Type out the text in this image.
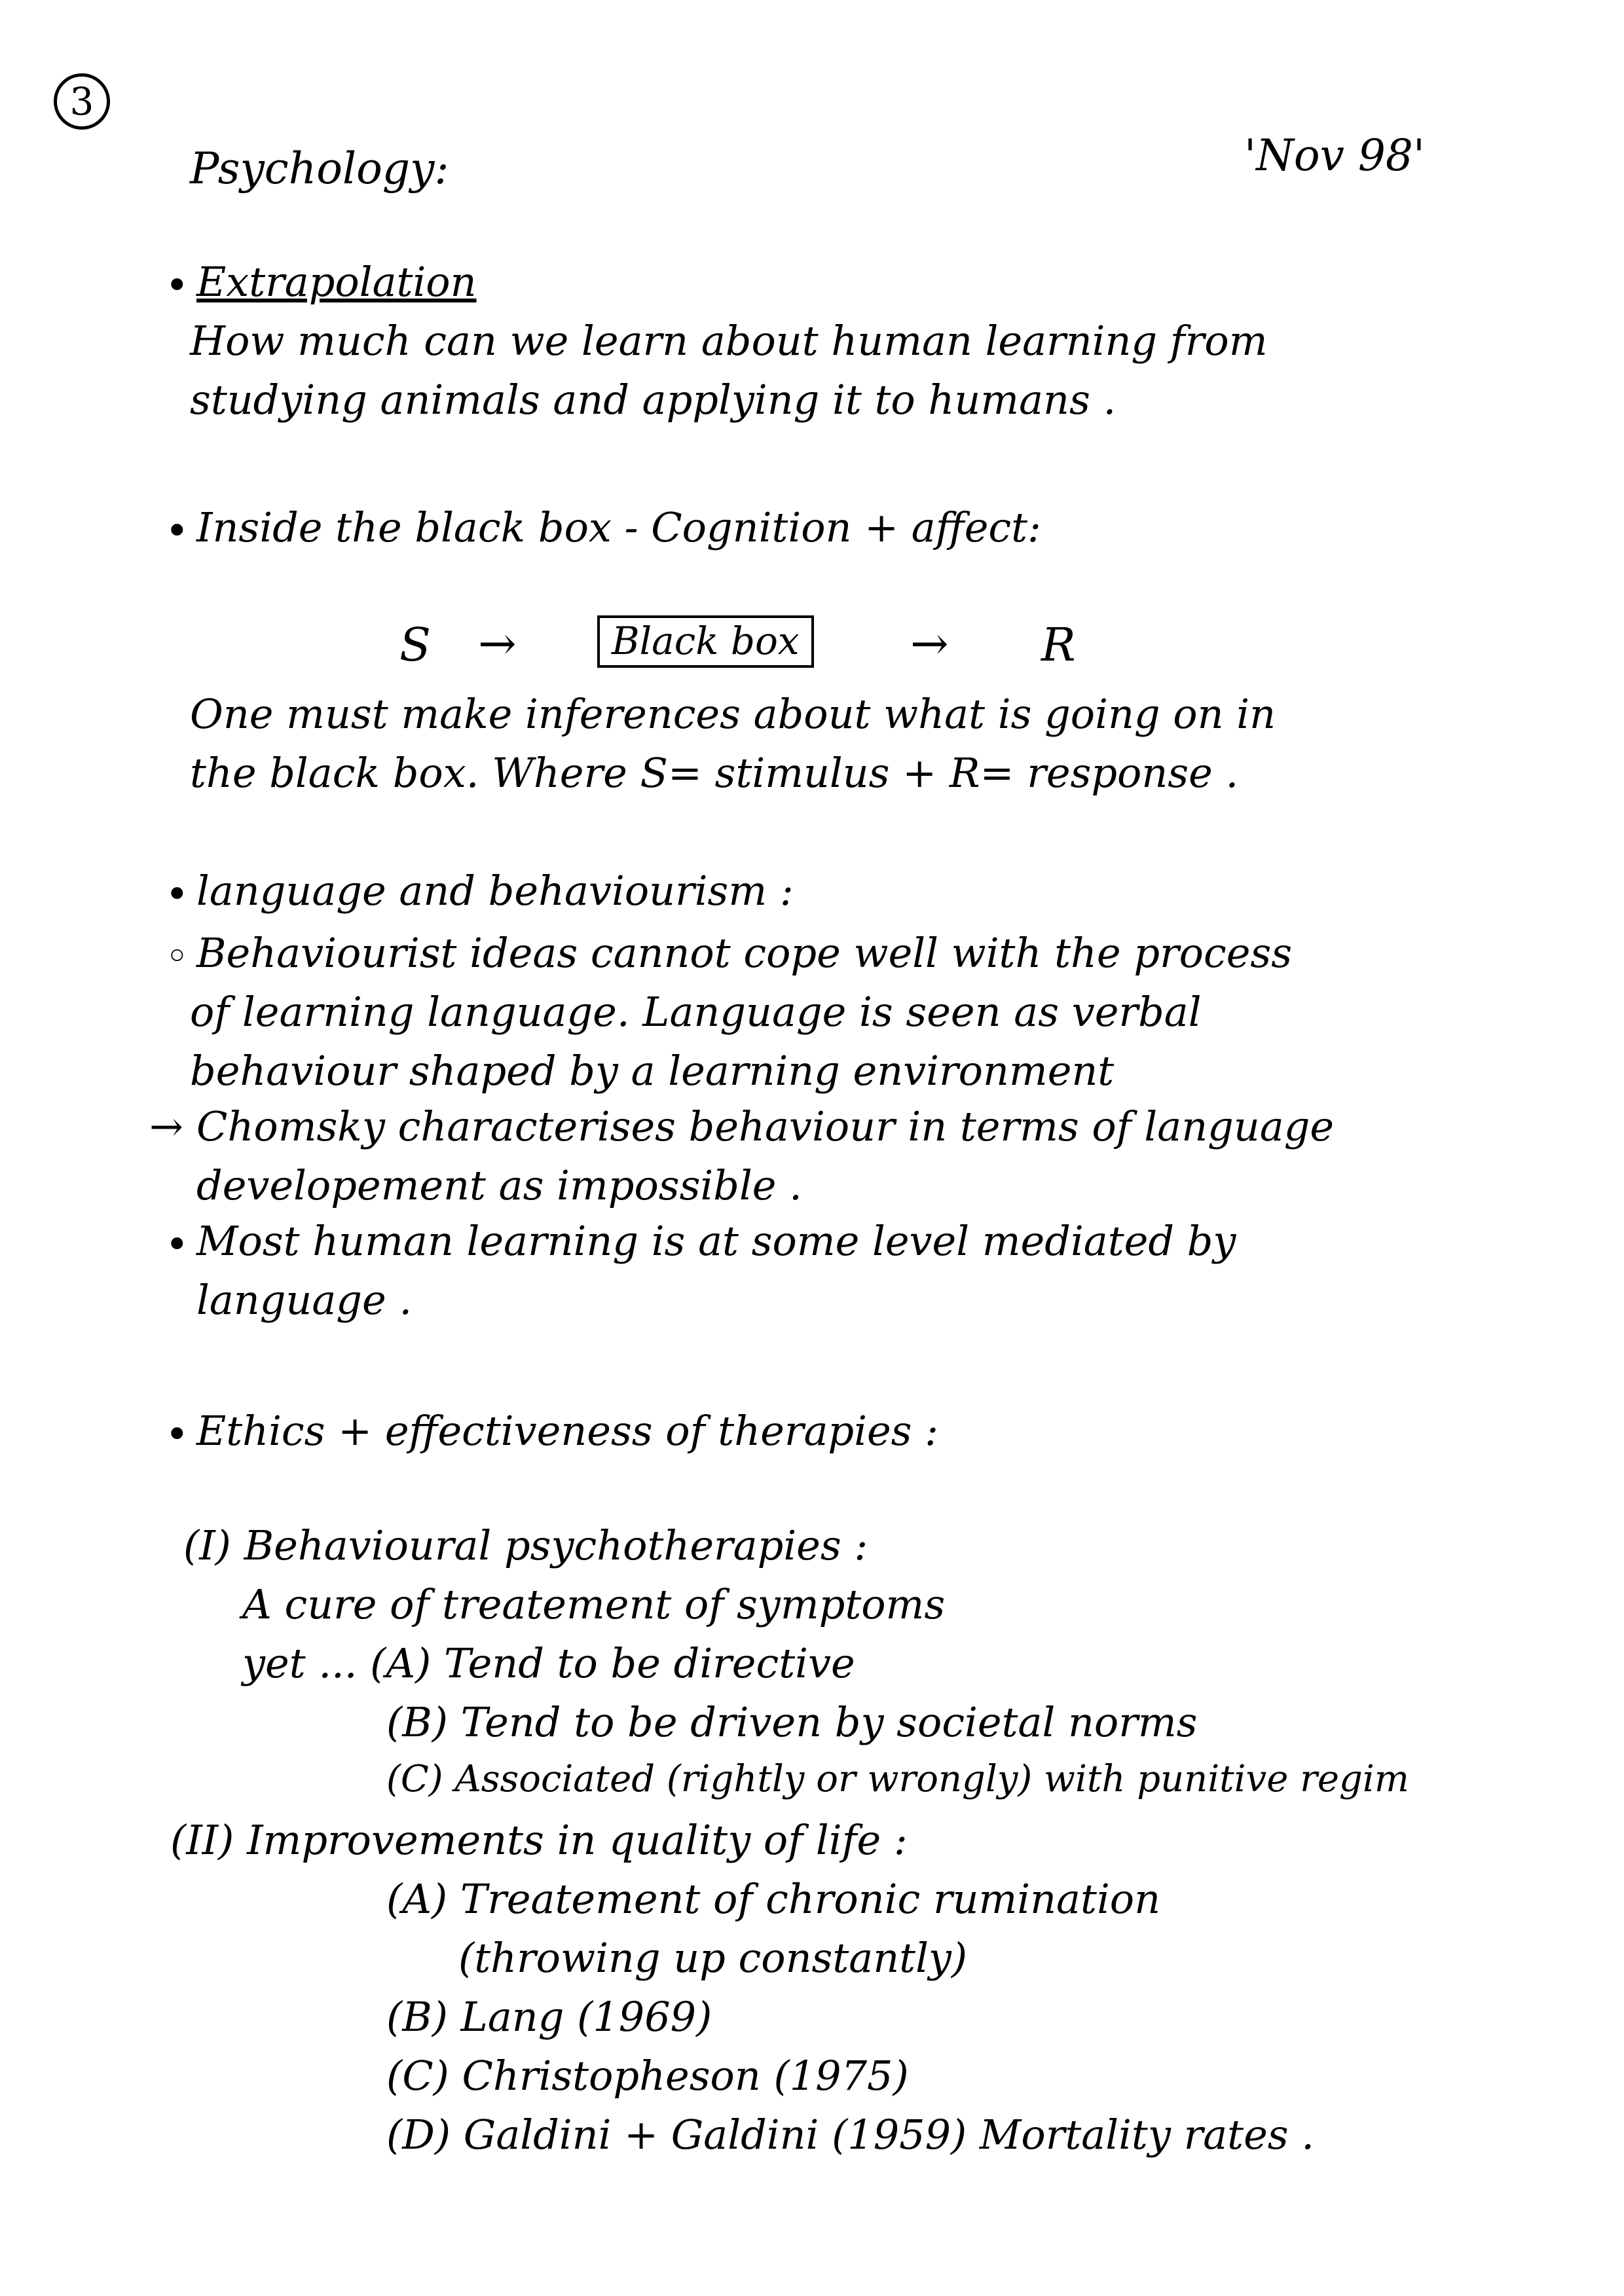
3
Psychology:	'Nov 98'
• Extrapolation
How much can we learn about human learning from
studying animals and applying it to humans .
• Inside the black box - Cognition + affect:
S →	Black box	→ R
One must make inferences about what is going on in
the black box. Where S= stimulus + R= response .
• language and behaviourism :
◦ Behaviourist ideas cannot cope well with the process
of learning language. Language is seen as verbal
behaviour shaped by a learning environment
→ Chomsky characterises behaviour in terms of language
developement as impossible .
• Most human learning is at some level mediated by
language .
• Ethics + effectiveness of therapies :
(I) Behavioural psychotherapies :
A cure of treatement of symptoms
yet ... (A) Tend to be directive
(B) Tend to be driven by societal norms
(C) Associated (rightly or wrongly) with punitive regim
(II) Improvements in quality of life :
(A) Treatement of chronic rumination
(throwing up constantly)
(B) Lang (1969)
(C) Christopheson (1975)
(D) Galdini + Galdini (1959) Mortality rates .
